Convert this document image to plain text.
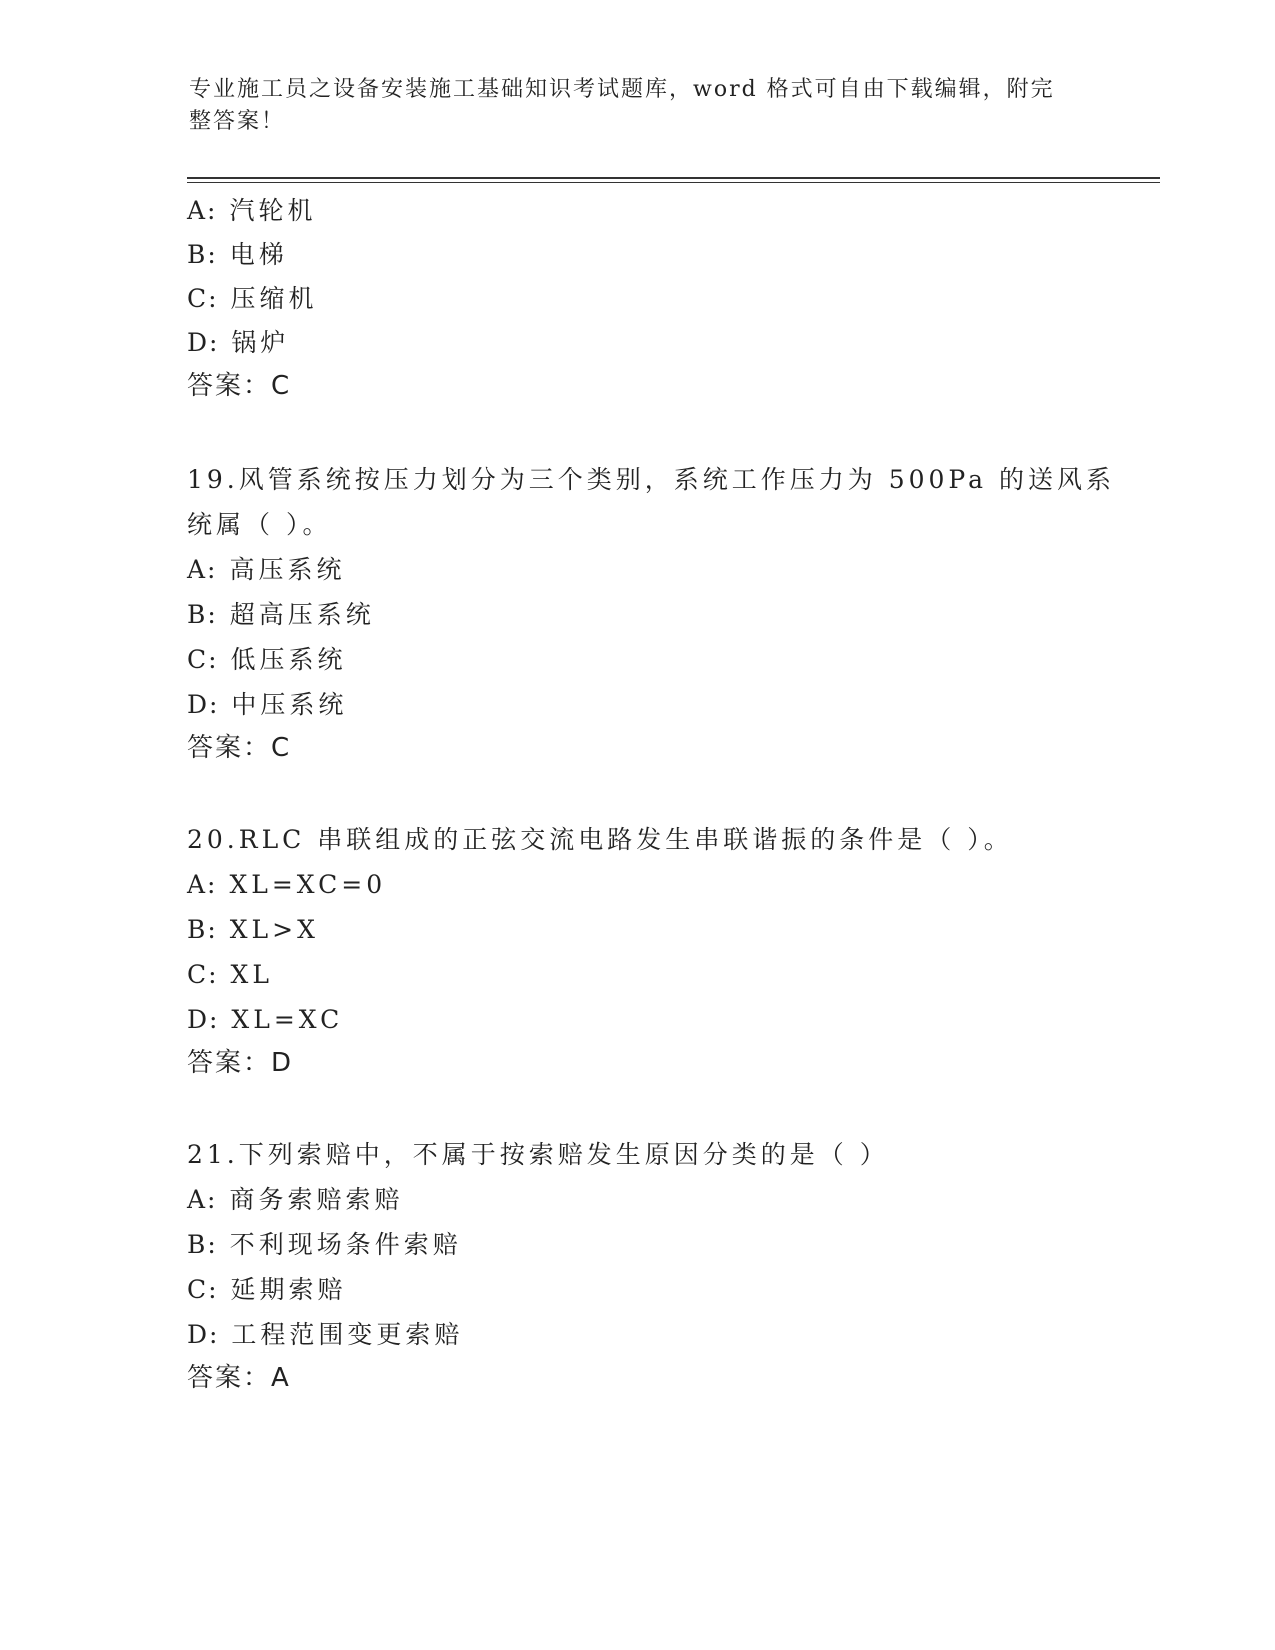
专业施工员之设备安装施工基础知识考试题库，word 格式可自由下载编辑，附完整答案！
A: 汽轮机
B: 电梯
C: 压缩机
D: 锅炉
答案：C
19.风管系统按压力划分为三个类别，系统工作压力为 500Pa 的送风系
统属（ ）。
A: 高压系统
B: 超高压系统
C: 低压系统
D: 中压系统
答案：C
20.RLC 串联组成的正弦交流电路发生串联谐振的条件是（ ）。
A: XL=XC=0
B: XL>X
C: XL
D: XL=XC
答案：D
21.下列索赔中，不属于按索赔发生原因分类的是（ ）
A: 商务索赔索赔
B: 不利现场条件索赔
C: 延期索赔
D: 工程范围变更索赔
答案：A
